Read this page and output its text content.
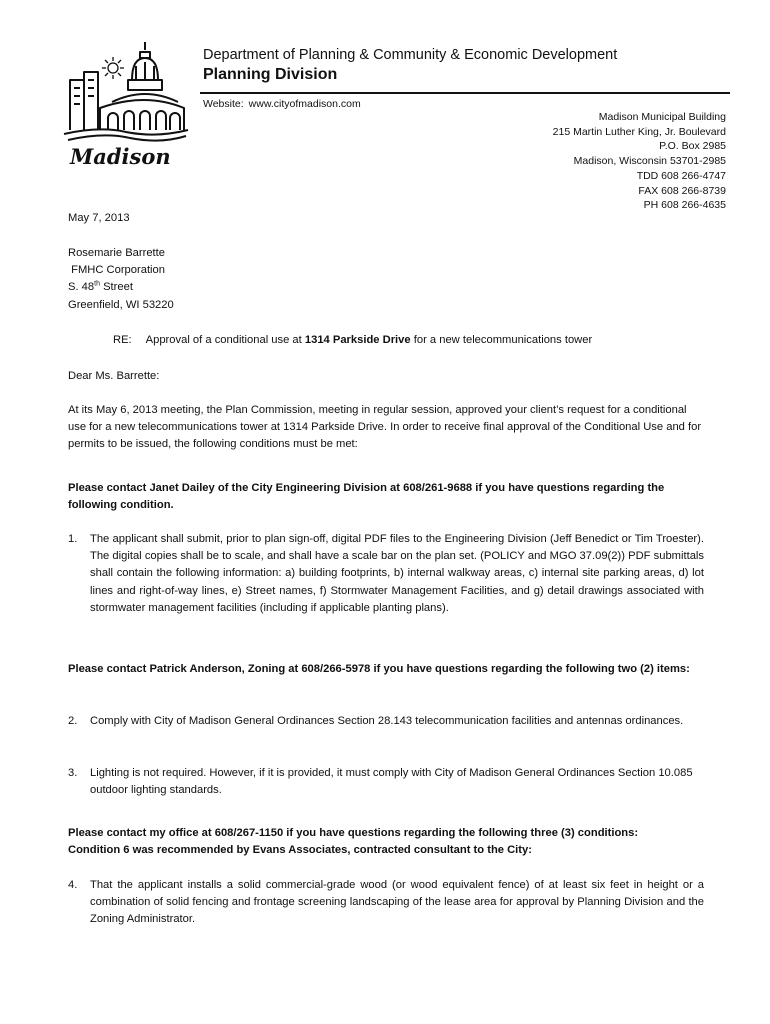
Madison
Department of Planning & Community & Economic Development
Planning Division
Website: www.cityofmadison.com
Madison Municipal Building
215 Martin Luther King, Jr. Boulevard
P.O. Box 2985
Madison, Wisconsin 53701-2985
TDD 608 266-4747
FAX 608 266-8739
PH 608 266-4635
May 7, 2013
Rosemarie Barrette
FMHC Corporation
S. 48th Street
Greenfield, WI 53220
RE: Approval of a conditional use at 1314 Parkside Drive for a new telecommunications tower
Dear Ms. Barrette:
At its May 6, 2013 meeting, the Plan Commission, meeting in regular session, approved your client’s request for a conditional use for a new telecommunications tower at 1314 Parkside Drive. In order to receive final approval of the Conditional Use and for permits to be issued, the following conditions must be met:
Please contact Janet Dailey of the City Engineering Division at 608/261-9688 if you have questions regarding the following condition.
1. The applicant shall submit, prior to plan sign-off, digital PDF files to the Engineering Division (Jeff Benedict or Tim Troester). The digital copies shall be to scale, and shall have a scale bar on the plan set. (POLICY and MGO 37.09(2)) PDF submittals shall contain the following information: a) building footprints, b) internal walkway areas, c) internal site parking areas, d) lot lines and right-of-way lines, e) Street names, f) Stormwater Management Facilities, and g) detail drawings associated with stormwater management facilities (including if applicable planting plans).
Please contact Patrick Anderson, Zoning at 608/266-5978 if you have questions regarding the following two (2) items:
2. Comply with City of Madison General Ordinances Section 28.143 telecommunication facilities and antennas ordinances.
3. Lighting is not required. However, if it is provided, it must comply with City of Madison General Ordinances Section 10.085 outdoor lighting standards.
Please contact my office at 608/267-1150 if you have questions regarding the following three (3) conditions:
Condition 6 was recommended by Evans Associates, contracted consultant to the City:
4. That the applicant installs a solid commercial-grade wood (or wood equivalent fence) of at least six feet in height or a combination of solid fencing and frontage screening landscaping of the lease area for approval by Planning Division and the Zoning Administrator.
